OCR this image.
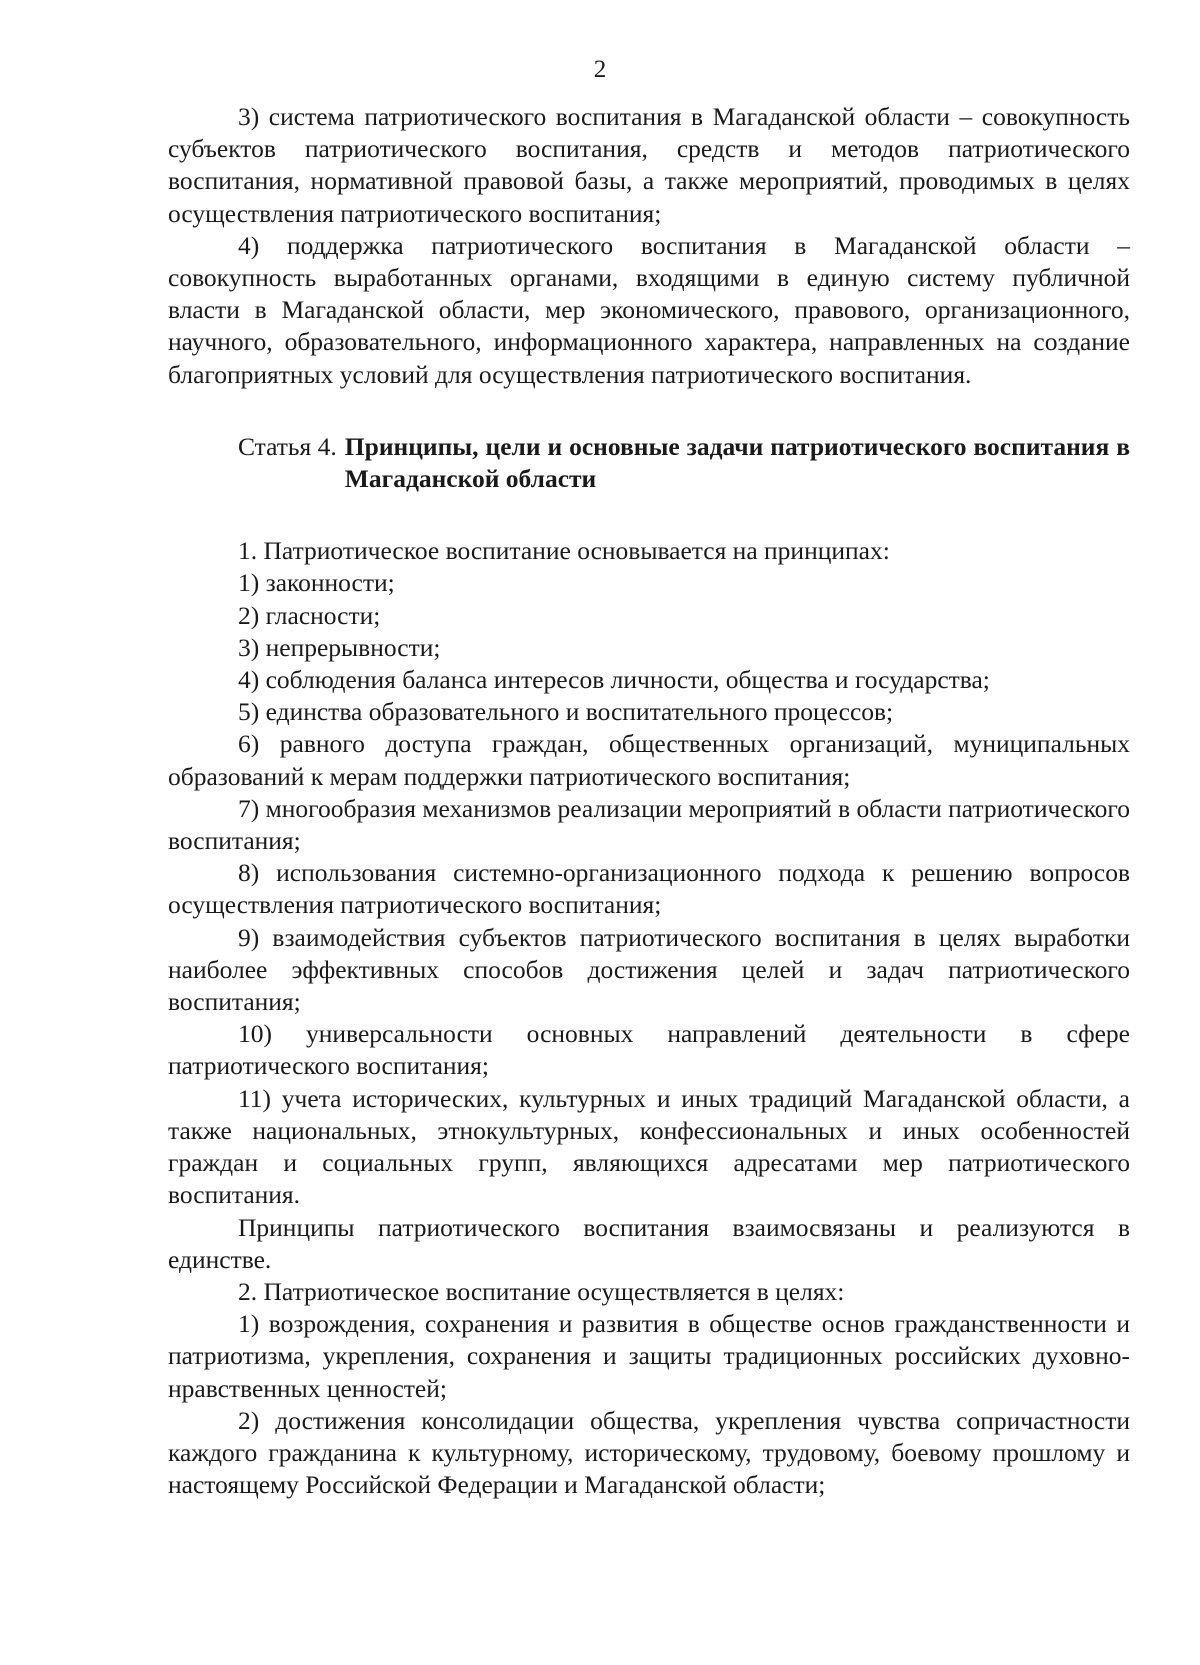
2

3) система патриотического воспитания в Магаданской области – совокупность субъектов патриотического воспитания, средств и методов патриотического воспитания, нормативной правовой базы, а также мероприятий, проводимых в целях осуществления патриотического воспитания;

4) поддержка патриотического воспитания в Магаданской области – совокупность выработанных органами, входящими в единую систему публичной власти в Магаданской области, мер экономического, правового, организационного, научного, образовательного, информационного характера, направленных на создание благоприятных условий для осуществления патриотического воспитания.

Статья 4. Принципы, цели и основные задачи патриотического воспитания в Магаданской области

1. Патриотическое воспитание основывается на принципах:

1) законности;

2) гласности;

3) непрерывности;

4) соблюдения баланса интересов личности, общества и государства;

5) единства образовательного и воспитательного процессов;

6) равного доступа граждан, общественных организаций, муниципальных образований к мерам поддержки патриотического воспитания;

7) многообразия механизмов реализации мероприятий в области патриотического воспитания;

8) использования системно-организационного подхода к решению вопросов осуществления патриотического воспитания;

9) взаимодействия субъектов патриотического воспитания в целях выработки наиболее эффективных способов достижения целей и задач патриотического воспитания;

10) универсальности основных направлений деятельности в сфере патриотического воспитания;

11) учета исторических, культурных и иных традиций Магаданской области, а также национальных, этнокультурных, конфессиональных и иных особенностей граждан и социальных групп, являющихся адресатами мер патриотического воспитания.

Принципы патриотического воспитания взаимосвязаны и реализуются в единстве.

2. Патриотическое воспитание осуществляется в целях:

1) возрождения, сохранения и развития в обществе основ гражданственности и патриотизма, укрепления, сохранения и защиты традиционных российских духовно-нравственных ценностей;

2) достижения консолидации общества, укрепления чувства сопричастности каждого гражданина к культурному, историческому, трудовому, боевому прошлому и настоящему Российской Федерации и Магаданской области;
